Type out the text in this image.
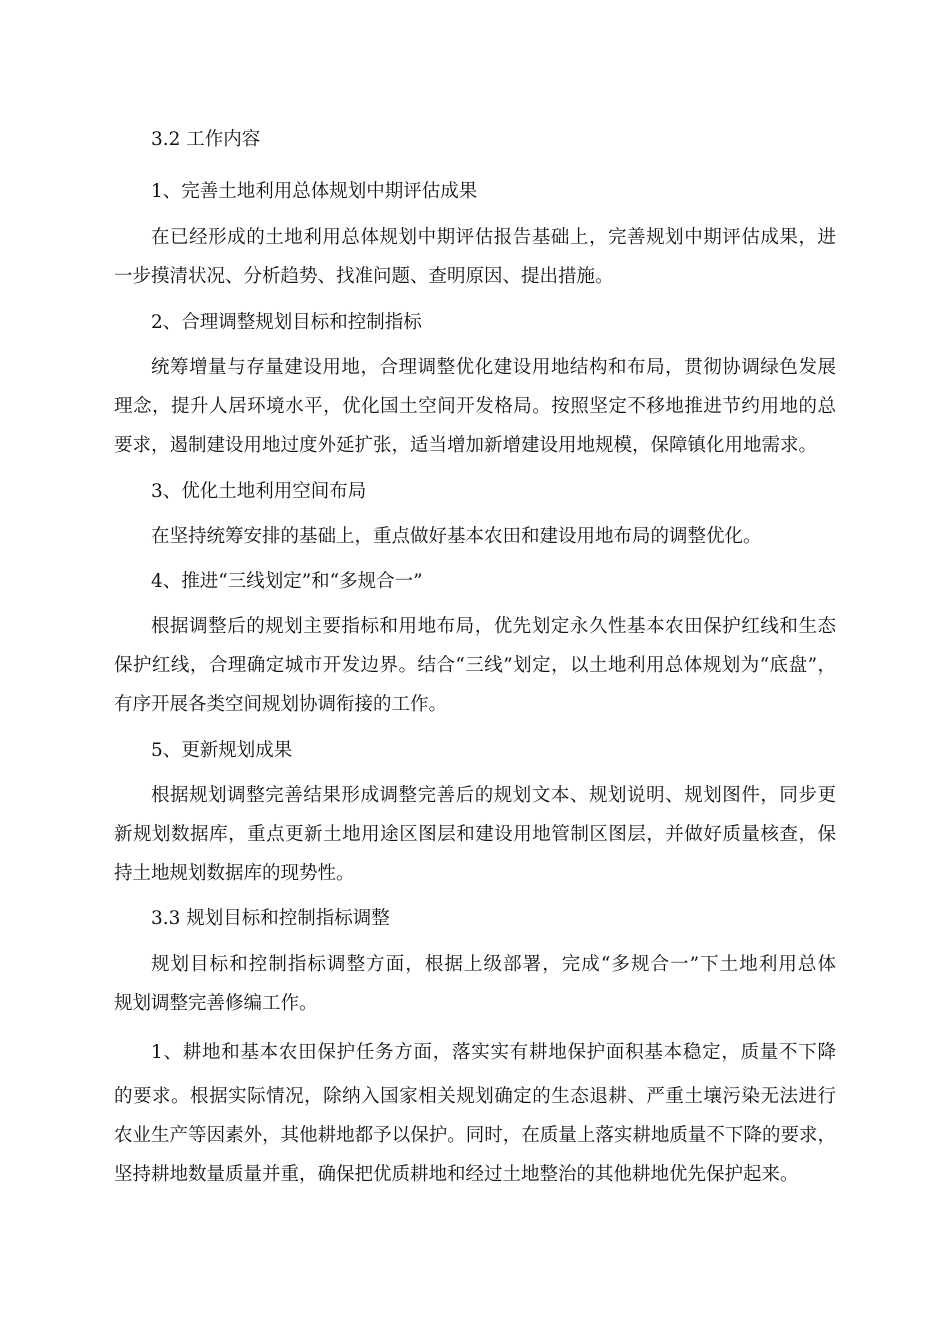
3.2 工作内容

1、完善土地利用总体规划中期评估成果

在已经形成的土地利用总体规划中期评估报告基础上，完善规划中期评估成果，进

一步摸清状况、分析趋势、找准问题、查明原因、提出措施。

2、合理调整规划目标和控制指标

统筹增量与存量建设用地，合理调整优化建设用地结构和布局，贯彻协调绿色发展

理念，提升人居环境水平，优化国土空间开发格局。按照坚定不移地推进节约用地的总

要求，遏制建设用地过度外延扩张，适当增加新增建设用地规模，保障镇化用地需求。

3、优化土地利用空间布局

在坚持统筹安排的基础上，重点做好基本农田和建设用地布局的调整优化。

4、推进“三线划定”和“多规合一”

根据调整后的规划主要指标和用地布局，优先划定永久性基本农田保护红线和生态

保护红线，合理确定城市开发边界。结合“三线”划定，以土地利用总体规划为“底盘”，

有序开展各类空间规划协调衔接的工作。

5、更新规划成果

根据规划调整完善结果形成调整完善后的规划文本、规划说明、规划图件，同步更

新规划数据库，重点更新土地用途区图层和建设用地管制区图层，并做好质量核查，保

持土地规划数据库的现势性。

3.3 规划目标和控制指标调整

规划目标和控制指标调整方面，根据上级部署，完成“多规合一”下土地利用总体

规划调整完善修编工作。

1、耕地和基本农田保护任务方面，落实实有耕地保护面积基本稳定，质量不下降

的要求。根据实际情况，除纳入国家相关规划确定的生态退耕、严重土壤污染无法进行

农业生产等因素外，其他耕地都予以保护。同时，在质量上落实耕地质量不下降的要求，

坚持耕地数量质量并重，确保把优质耕地和经过土地整治的其他耕地优先保护起来。
